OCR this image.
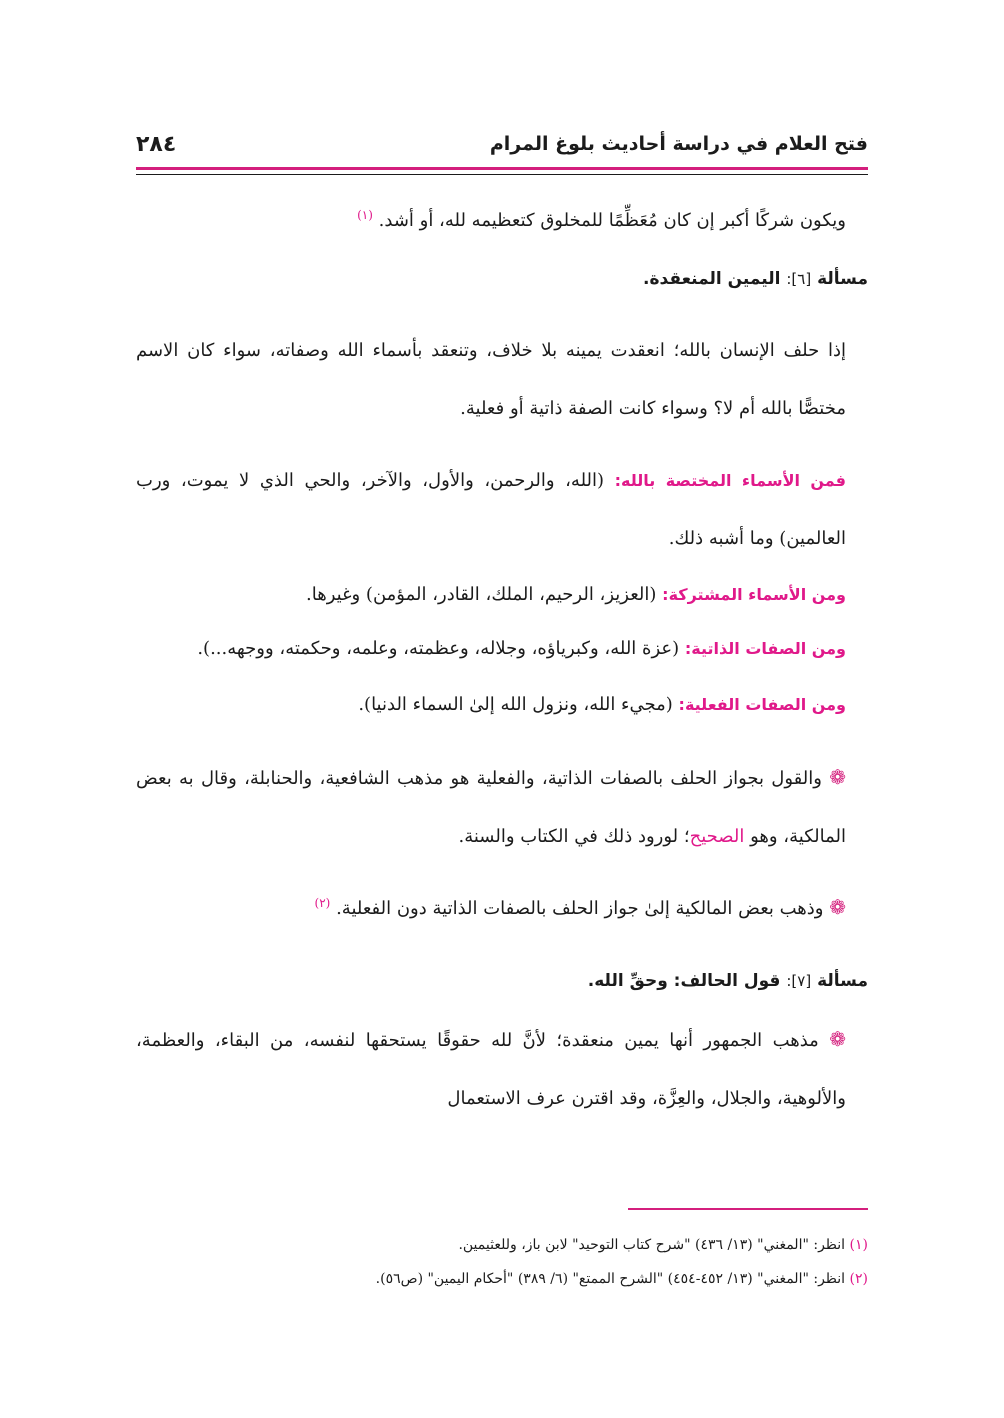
فتح العلام في دراسة أحاديث بلوغ المرام
٢٨٤

ويكون شركًا أكبر إن كان مُعَظِّمًا للمخلوق كتعظيمه لله، أو أشد. $^{(١)}$

مسألة [٦]: اليمين المنعقدة.

إذا حلف الإنسان بالله؛ انعقدت يمينه بلا خلاف، وتنعقد بأسماء الله وصفاته، سواء كان الاسم مختصًّا بالله أم لا؟ وسواء كانت الصفة ذاتية أو فعلية.

فمن الأسماء المختصة بالله: (الله، والرحمن، والأول، والآخر، والحي الذي لا يموت، ورب العالمين) وما أشبه ذلك.

ومن الأسماء المشتركة: (العزيز، الرحيم، الملك، القادر، المؤمن) وغيرها.

ومن الصفات الذاتية: (عزة الله، وكبرياؤه، وجلاله، وعظمته، وعلمه، وحكمته، ووجهه...).

ومن الصفات الفعلية: (مجيء الله، ونزول الله إلىٰ السماء الدنيا).

❁ والقول بجواز الحلف بالصفات الذاتية، والفعلية هو مذهب الشافعية، والحنابلة، وقال به بعض المالكية، وهو الصحيح؛ لورود ذلك في الكتاب والسنة.

❁ وذهب بعض المالكية إلىٰ جواز الحلف بالصفات الذاتية دون الفعلية. $^{(٢)}$

مسألة [٧]: قول الحالف: وحقِّ الله.

❁ مذهب الجمهور أنها يمين منعقدة؛ لأنَّ لله حقوقًا يستحقها لنفسه، من البقاء، والعظمة، والألوهية، والجلال، والعِزَّة، وقد اقترن عرف الاستعمال

(١) انظر: "المغني" (١٣/ ٤٣٦) "شرح كتاب التوحيد" لابن باز، وللعثيمين.

(٢) انظر: "المغني" (١٣/ ٤٥٢-٤٥٤) "الشرح الممتع" (٦/ ٣٨٩) "أحكام اليمين" (ص٥٦).
